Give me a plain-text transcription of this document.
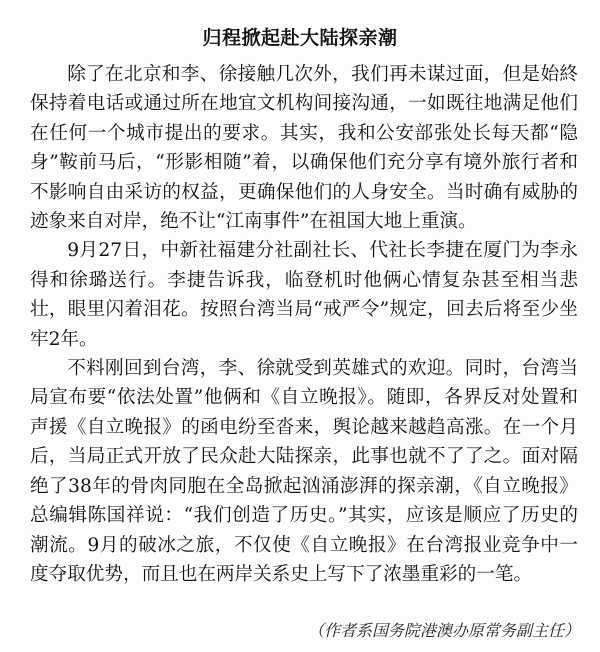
归程掀起赴大陆探亲潮

除了在北京和李、徐接触几次外，我们再未谋过面，但是始終保持着电话或通过所在地宜文机构间接沟通，一如既往地满足他们在任何一个城市提出的要求。其实，我和公安部张处长每天都“隐身”鞍前马后，“形影相随”着，以确保他们充分享有境外旅行者和不影响自由采访的权益，更确保他们的人身安全。当时确有威胁的迹象来自对岸，绝不让“江南事件”在祖国大地上重演。

9月27日，中新社福建分社副社长、代社长李捷在厦门为李永得和徐璐送行。李捷告诉我，临登机时他俩心情复杂甚至相当悲壮，眼里闪着泪花。按照台湾当局“戒严令”规定，回去后将至少坐牢2年。

不料刚回到台湾，李、徐就受到英雄式的欢迎。同时，台湾当局宣布要“依法处置”他俩和《自立晚报》。随即，各界反对处置和声援《自立晚报》的函电纷至沓来，舆论越来越趋高涨。在一个月后，当局正式开放了民众赴大陆探亲，此事也就不了了之。面对隔绝了38年的骨肉同胞在全岛掀起汹涌澎湃的探亲潮，《自立晚报》总编辑陈国祥说：“我们创造了历史。”其实，应该是顺应了历史的潮流。9月的破冰之旅，不仅使《自立晚报》在台湾报业竞争中一度夺取优势，而且也在两岸关系史上写下了浓墨重彩的一笔。

（作者系国务院港澳办原常务副主任）
